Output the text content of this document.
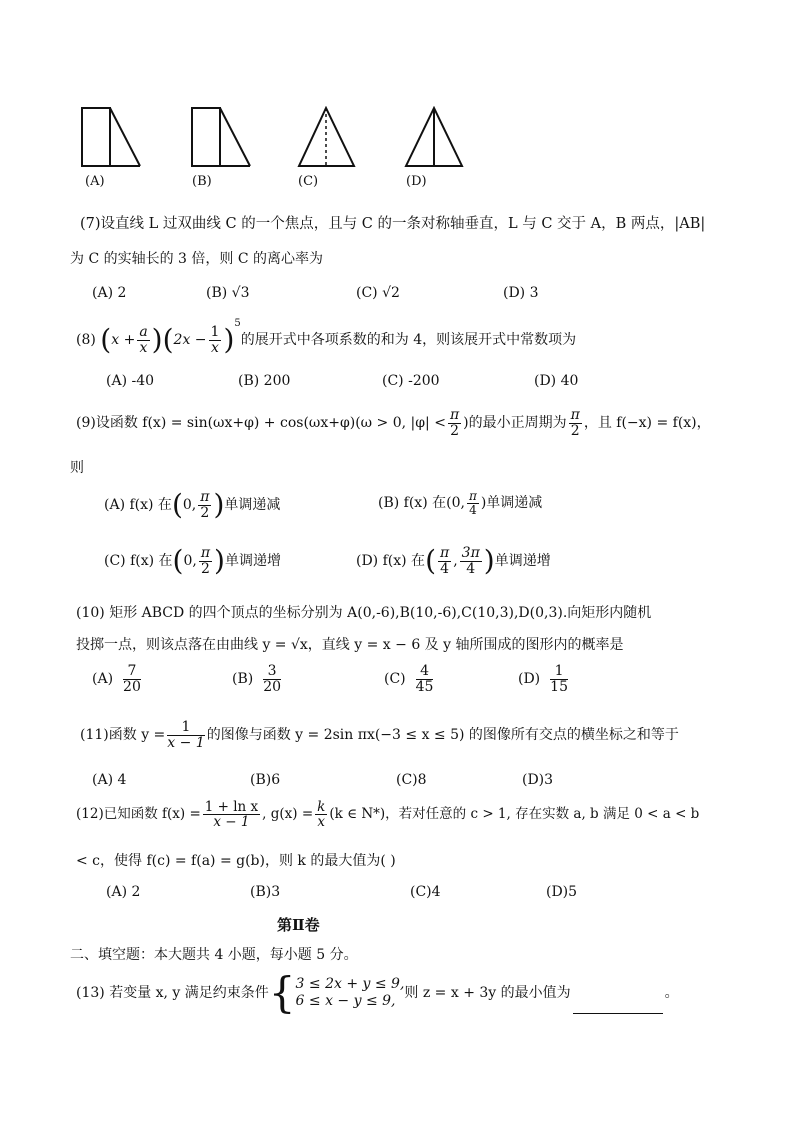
(A)	(B)	(C)	(D)
(7)设直线 L 过双曲线 C 的一个焦点，且与 C 的一条对称轴垂直，L 与 C 交于 A，B 两点，|AB|
为 C 的实轴长的 3 倍，则 C 的离心率为
(A) 2	(B) √3	(C) √2	(D) 3
(8) $(x + \frac{a}{x} )(2x - \frac{1}{x} )^5$的展开式中各项系数的和为 4，则该展开式中常数项为
(A) -40	(B) 200	(C) -200	(D) 40
(9)设函数 f(x) = sin(ωx+φ) + cos(ωx+φ)(ω > 0, $|\varphi| < \frac{\pi}{2}$ )的最小正周期为 $\frac{\pi}{2}$ ，且 f(−x) = f(x)，
则
(A) f(x) 在(0, $\frac{\pi}{2}$ )单调递减	(B) f(x) 在(0, $\frac{\pi}{4}$ )单调递减
(C) f(x) 在(0, $\frac{\pi}{2}$ )单调递增	(D) f(x) 在( $\frac{\pi}{4}$ , $\frac{3\pi}{4}$ )单调递增
(10) 矩形 ABCD 的四个顶点的坐标分别为 A(0,-6),B(10,-6),C(10,3),D(0,3).向矩形内随机
投掷一点，则该点落在由曲线 y = √x，直线 y = x − 6 及 y 轴所围成的图形内的概率是
$(A) \frac{7}{20}$	$(B) \frac{3}{20}$	$(C) \frac{4}{45}$	$(D) \frac{1}{15}$
(11)函数 $y = \frac{1}{x - 1}$ 的图像与函数 y = 2sin πx(−3 ≤ x ≤ 5) 的图像所有交点的横坐标之和等于
(A) 4	(B)6	(C)8	(D)3
(12)已知函数 $f(x) = \frac{\text{1 + ln x}}{x - 1}$ , $g(x) = \frac{k}{x} (k$ ∈ N*)，若对任意的 c > 1, 存在实数 a, b 满足 0 < a < b
< c，使得 f(c) = f(a) = g(b)，则 k 的最大值为( )
(A) 2	(B)3	(C)4	(D)5
第Ⅱ卷
二、填空题：本大题共 4 小题，每小题 5 分。
(13) 若变量 x, y 满足约束条件{ 3 ≤ 2x + y ≤ 9,
6 ≤ x − y ≤ 9, 则 z = x + 3y 的最小值为	。
